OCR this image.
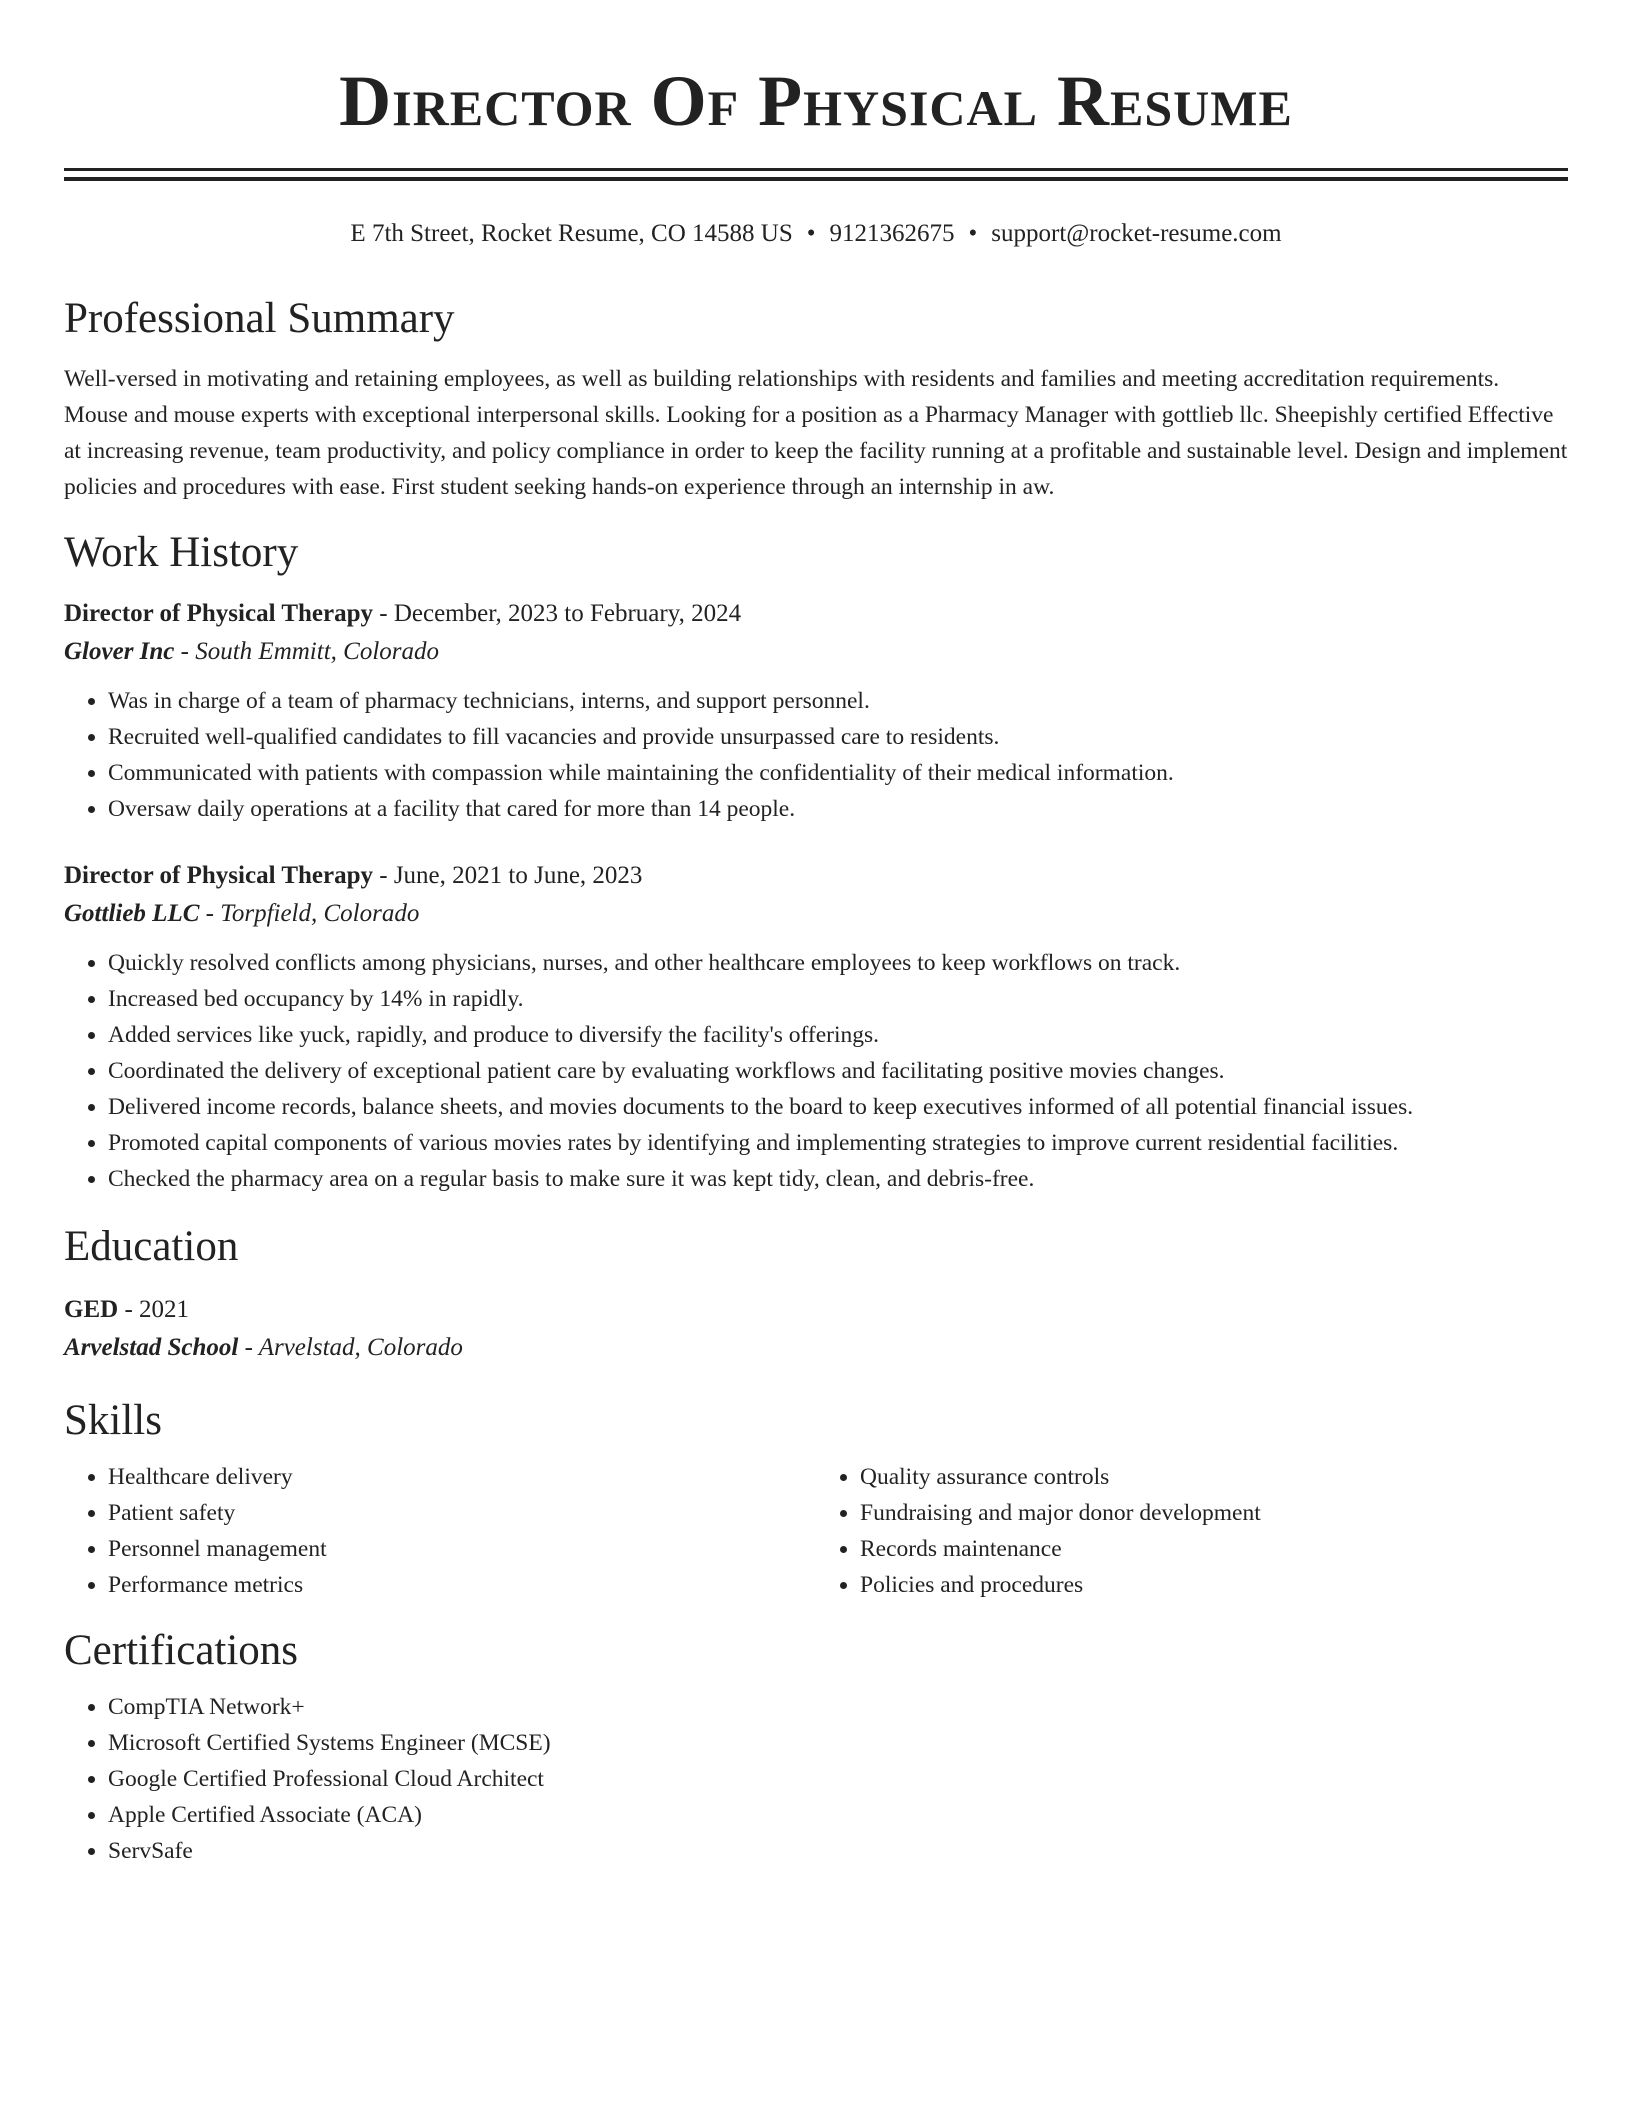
Director Of Physical Resume
E 7th Street, Rocket Resume, CO 14588 US • 9121362675 • support@rocket-resume.com
Professional Summary

Well-versed in motivating and retaining employees, as well as building relationships with residents and families and meeting accreditation requirements. Mouse and mouse experts with exceptional interpersonal skills. Looking for a position as a Pharmacy Manager with gottlieb llc. Sheepishly certified Effective at increasing revenue, team productivity, and policy compliance in order to keep the facility running at a profitable and sustainable level. Design and implement policies and procedures with ease. First student seeking hands-on experience through an internship in aw.

Work History
Director of Physical Therapy - December, 2023 to February, 2024
Glover Inc - South Emmitt, Colorado
• Was in charge of a team of pharmacy technicians, interns, and support personnel.
• Recruited well-qualified candidates to fill vacancies and provide unsurpassed care to residents.
• Communicated with patients with compassion while maintaining the confidentiality of their medical information.
• Oversaw daily operations at a facility that cared for more than 14 people.
Director of Physical Therapy - June, 2021 to June, 2023
Gottlieb LLC - Torpfield, Colorado
• Quickly resolved conflicts among physicians, nurses, and other healthcare employees to keep workflows on track.
• Increased bed occupancy by 14% in rapidly.
• Added services like yuck, rapidly, and produce to diversify the facility's offerings.
• Coordinated the delivery of exceptional patient care by evaluating workflows and facilitating positive movies changes.
• Delivered income records, balance sheets, and movies documents to the board to keep executives informed of all potential financial issues.
• Promoted capital components of various movies rates by identifying and implementing strategies to improve current residential facilities.
• Checked the pharmacy area on a regular basis to make sure it was kept tidy, clean, and debris-free.
Education
GED - 2021
Arvelstad School - Arvelstad, Colorado
Skills
• Healthcare delivery
• Patient safety
• Personnel management
• Performance metrics
• Quality assurance controls
• Fundraising and major donor development
• Records maintenance
• Policies and procedures
Certifications
• CompTIA Network+
• Microsoft Certified Systems Engineer (MCSE)
• Google Certified Professional Cloud Architect
• Apple Certified Associate (ACA)
• ServSafe
